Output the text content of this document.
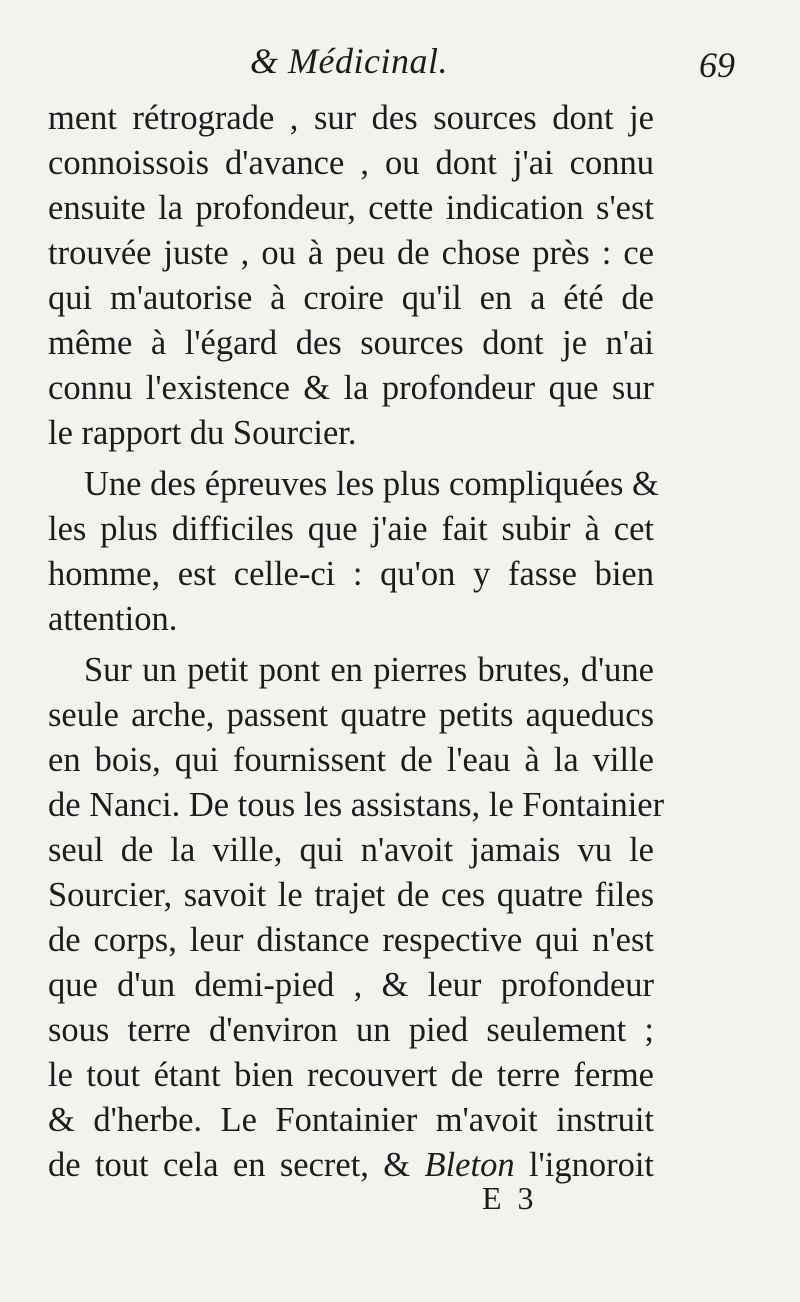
& Médicinal.	69
ment rétrograde , sur des sources dont je
connoissois d'avance , ou dont j'ai connu
ensuite la profondeur, cette indication s'est
trouvée juste , ou à peu de chose près : ce
qui m'autorise à croire qu'il en a été de
même à l'égard des sources dont je n'ai
connu l'existence & la profondeur que sur
le rapport du Sourcier.
Une des épreuves les plus compliquées &
les plus difficiles que j'aie fait subir à cet
homme, est celle-ci : qu'on y fasse bien
attention.
Sur un petit pont en pierres brutes, d'une
seule arche, passent quatre petits aqueducs
en bois, qui fournissent de l'eau à la ville
de Nanci. De tous les assistans, le Fontainier
seul de la ville, qui n'avoit jamais vu le
Sourcier, savoit le trajet de ces quatre files
de corps, leur distance respective qui n'est
que d'un demi-pied , & leur profondeur
sous terre d'environ un pied seulement ;
le tout étant bien recouvert de terre ferme
& d'herbe. Le Fontainier m'avoit instruit
de tout cela en secret, & Bleton l'ignoroit
E 3
